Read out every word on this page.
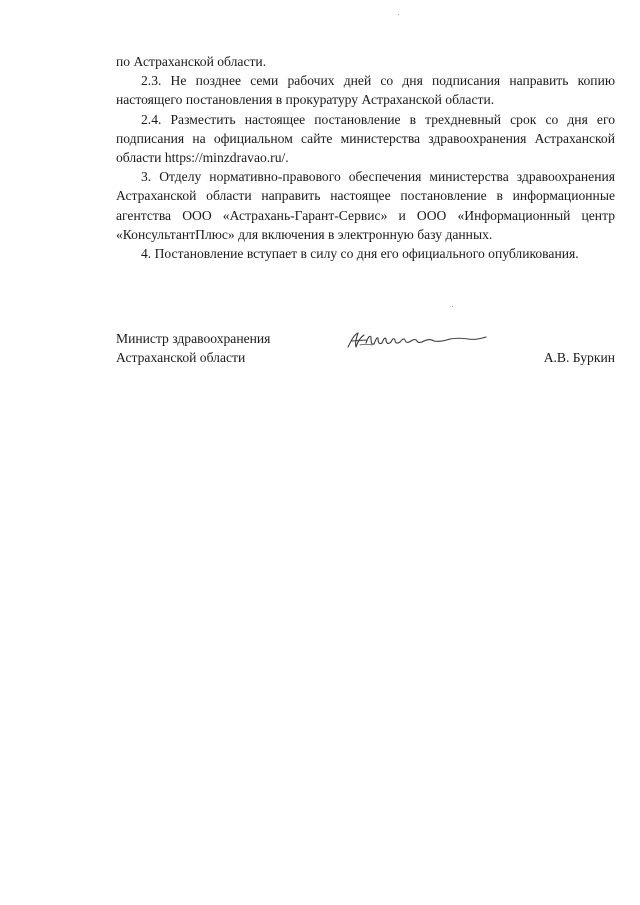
по Астраханской области.

2.3. Не позднее семи рабочих дней со дня подписания направить копию настоящего постановления в прокуратуру Астраханской области.

2.4. Разместить настоящее постановление в трехдневный срок со дня его подписания на официальном сайте министерства здравоохранения Астраханской области https://minzdravao.ru/.

3. Отделу нормативно-правового обеспечения министерства здравоохранения Астраханской области направить настоящее постановление в информационные агентства ООО «Астрахань-Гарант-Сервис» и ООО «Информационный центр «КонсультантПлюс» для включения в электронную базу данных.

4. Постановление вступает в силу со дня его официального опубликования.

Министр здравоохранения
Астраханской области	А.В. Буркин
